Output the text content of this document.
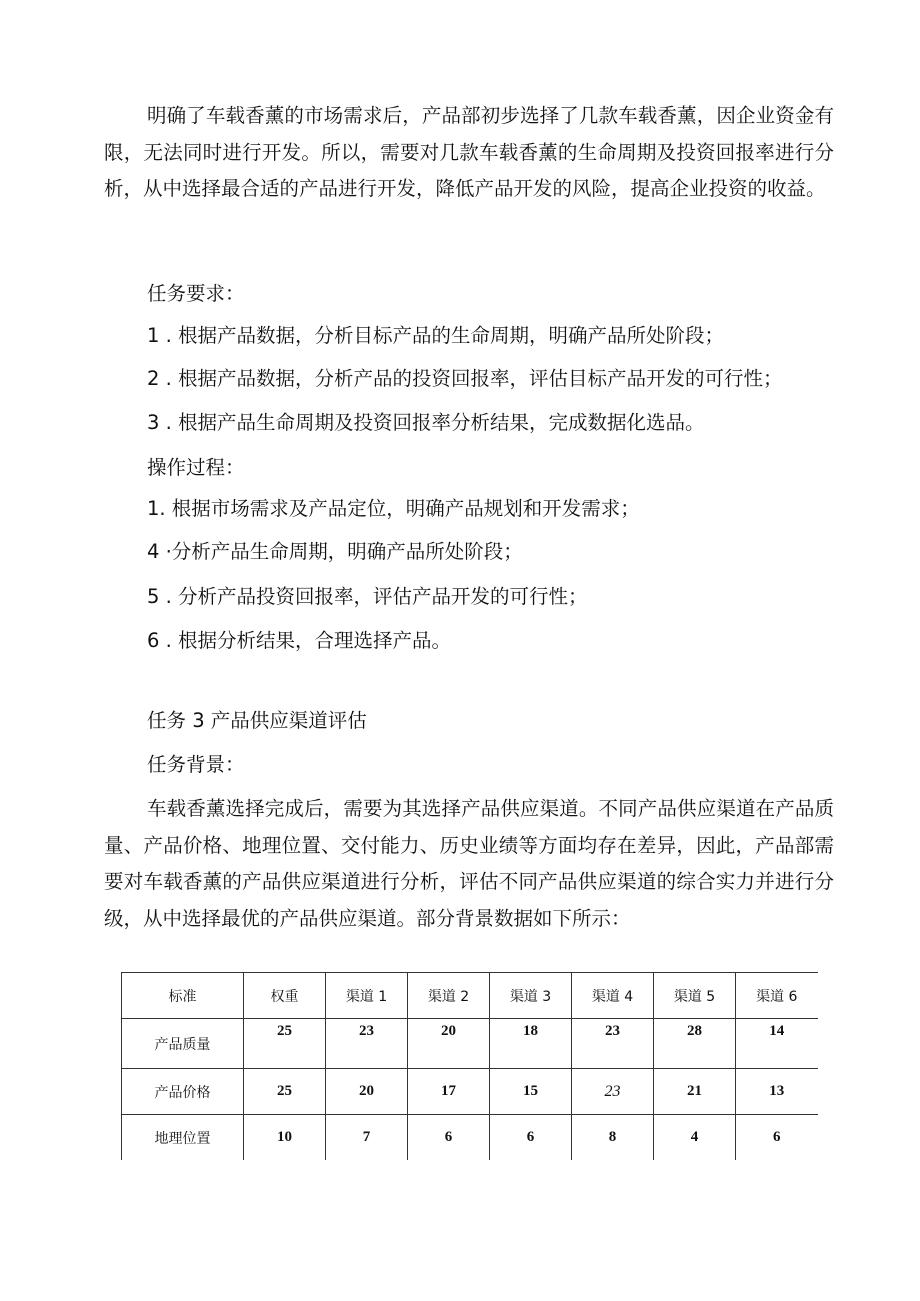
明确了车载香薰的市场需求后，产品部初步选择了几款车载香薰，因企业资金有限，无法同时进行开发。所以，需要对几款车载香薰的生命周期及投资回报率进行分析，从中选择最合适的产品进行开发，降低产品开发的风险，提高企业投资的收益。

任务要求：

1 . 根据产品数据，分析目标产品的生命周期，明确产品所处阶段；

2 . 根据产品数据，分析产品的投资回报率，评估目标产品开发的可行性；

3 . 根据产品生命周期及投资回报率分析结果，完成数据化选品。

操作过程：

1. 根据市场需求及产品定位，明确产品规划和开发需求；

4 ·分析产品生命周期，明确产品所处阶段；

5 . 分析产品投资回报率，评估产品开发的可行性；

6 . 根据分析结果，合理选择产品。

任务 3 产品供应渠道评估

任务背景：

车载香薰选择完成后，需要为其选择产品供应渠道。不同产品供应渠道在产品质量、产品价格、地理位置、交付能力、历史业绩等方面均存在差异，因此，产品部需要对车载香薰的产品供应渠道进行分析，评估不同产品供应渠道的综合实力并进行分级，从中选择最优的产品供应渠道。部分背景数据如下所示：

标准	权重	渠道 1	渠道 2	渠道 3	渠道 4	渠道 5	渠道 6
产品质量	25	23	20	18	23	28	14
产品价格	25	20	17	15	23	21	13
地理位置	10	7	6	6	8	4	6
